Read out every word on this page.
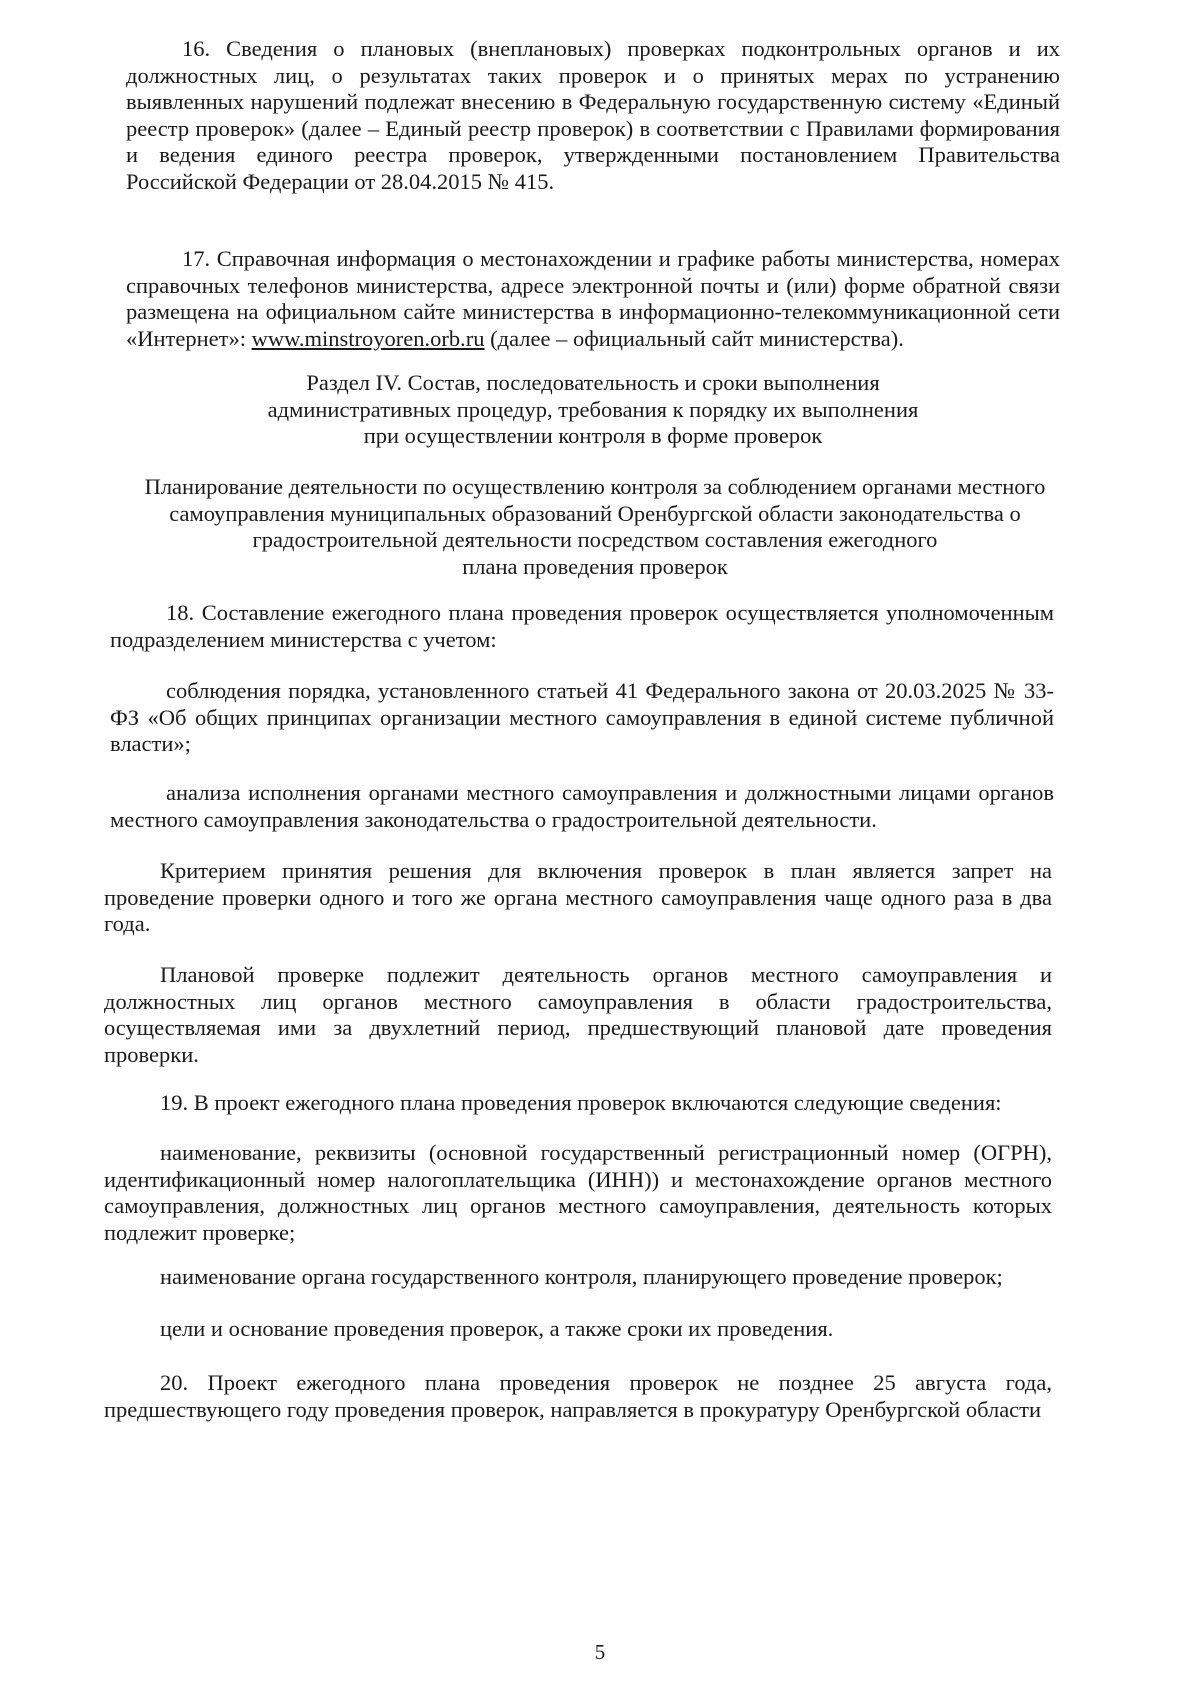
16. Сведения о плановых (внеплановых) проверках подконтрольных органов и их должностных лиц, о результатах таких проверок и о принятых мерах по устранению выявленных нарушений подлежат внесению в Федеральную государственную систему «Единый реестр проверок» (далее – Единый реестр проверок) в соответствии с Правилами формирования и ведения единого реестра проверок, утвержденными постановлением Правительства Российской Федерации от 28.04.2015 № 415.

17. Справочная информация о местонахождении и графике работы министерства, номерах справочных телефонов министерства, адресе электронной почты и (или) форме обратной связи размещена на официальном сайте министерства в информационно-телекоммуникационной сети «Интернет»: www.minstroyoren.orb.ru (далее – официальный сайт министерства).

Раздел IV. Состав, последовательность и сроки выполнения
административных процедур, требования к порядку их выполнения
при осуществлении контроля в форме проверок
Планирование деятельности по осуществлению контроля за соблюдением органами местного
самоуправления муниципальных образований Оренбургской области законодательства о
градостроительной деятельности посредством составления ежегодного
плана проведения проверок

18. Составление ежегодного плана проведения проверок осуществляется уполномоченным подразделением министерства с учетом:

соблюдения порядка, установленного статьей 41 Федерального закона от 20.03.2025 № 33-ФЗ «Об общих принципах организации местного самоуправления в единой системе публичной власти»;

анализа исполнения органами местного самоуправления и должностными лицами органов местного самоуправления законодательства о градостроительной деятельности.

Критерием принятия решения для включения проверок в план является запрет на проведение проверки одного и того же органа местного самоуправления чаще одного раза в два года.

Плановой проверке подлежит деятельность органов местного самоуправления и должностных лиц органов местного самоуправления в области градостроительства, осуществляемая ими за двухлетний период, предшествующий плановой дате проведения проверки.

19. В проект ежегодного плана проведения проверок включаются следующие сведения:

наименование, реквизиты (основной государственный регистрационный номер (ОГРН), идентификационный номер налогоплательщика (ИНН)) и местонахождение органов местного самоуправления, должностных лиц органов местного самоуправления, деятельность которых подлежит проверке;

наименование органа государственного контроля, планирующего проведение проверок;

цели и основание проведения проверок, а также сроки их проведения.

20. Проект ежегодного плана проведения проверок не позднее 25 августа года, предшествующего году проведения проверок, направляется в прокуратуру Оренбургской области

5
